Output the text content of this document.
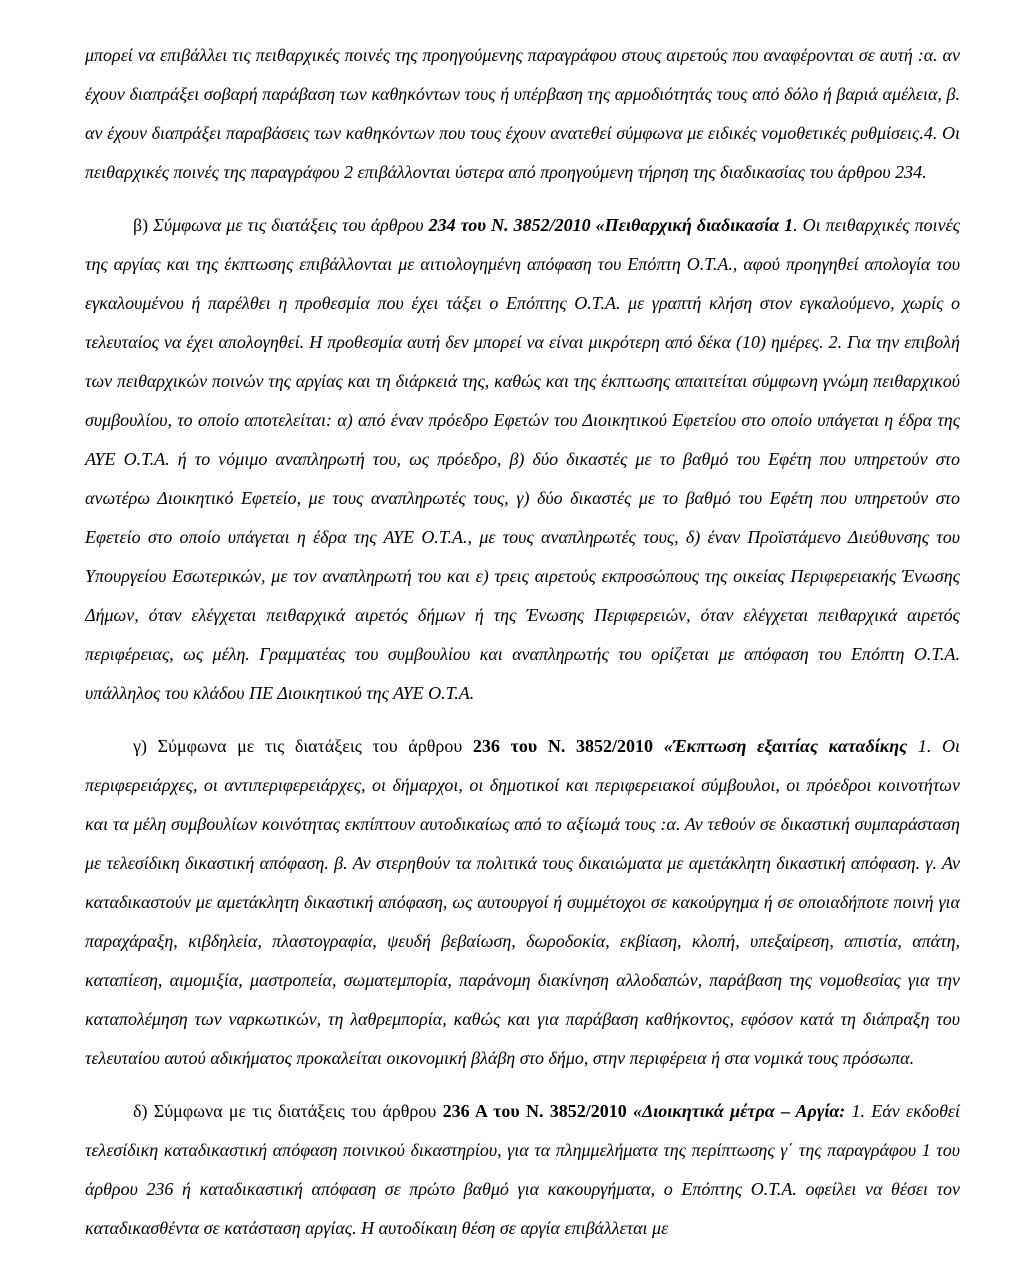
μπορεί να επιβάλλει τις πειθαρχικές ποινές της προηγούμενης παραγράφου στους αιρετούς που αναφέρονται σε αυτή :α. αν έχουν διαπράξει σοβαρή παράβαση των καθηκόντων τους ή υπέρβαση της αρμοδιότητάς τους από δόλο ή βαριά αμέλεια, β. αν έχουν διαπράξει παραβάσεις των καθηκόντων που τους έχουν ανατεθεί σύμφωνα με ειδικές νομοθετικές ρυθμίσεις.4. Οι πειθαρχικές ποινές της παραγράφου 2 επιβάλλονται ύστερα από προηγούμενη τήρηση της διαδικασίας του άρθρου 234.

β) Σύμφωνα με τις διατάξεις του άρθρου 234 του Ν. 3852/2010 «Πειθαρχική διαδικασία 1. Οι πειθαρχικές ποινές της αργίας και της έκπτωσης επιβάλλονται με αιτιολογημένη απόφαση του Επόπτη Ο.Τ.Α., αφού προηγηθεί απολογία του εγκαλουμένου ή παρέλθει η προθεσμία που έχει τάξει ο Επόπτης Ο.Τ.Α. με γραπτή κλήση στον εγκαλούμενο, χωρίς ο τελευταίος να έχει απολογηθεί. Η προθεσμία αυτή δεν μπορεί να είναι μικρότερη από δέκα (10) ημέρες. 2. Για την επιβολή των πειθαρχικών ποινών της αργίας και τη διάρκειά της, καθώς και της έκπτωσης απαιτείται σύμφωνη γνώμη πειθαρχικού συμβουλίου, το οποίο αποτελείται: α) από έναν πρόεδρο Εφετών του Διοικητικού Εφετείου στο οποίο υπάγεται η έδρα της ΑΥΕ Ο.Τ.Α. ή το νόμιμο αναπληρωτή του, ως πρόεδρο, β) δύο δικαστές με το βαθμό του Εφέτη που υπηρετούν στο ανωτέρω Διοικητικό Εφετείο, με τους αναπληρωτές τους, γ) δύο δικαστές με το βαθμό του Εφέτη που υπηρετούν στο Εφετείο στο οποίο υπάγεται η έδρα της ΑΥΕ Ο.Τ.Α., με τους αναπληρωτές τους, δ) έναν Προϊστάμενο Διεύθυνσης του Υπουργείου Εσωτερικών, με τον αναπληρωτή του και ε) τρεις αιρετούς εκπροσώπους της οικείας Περιφερειακής Ένωσης Δήμων, όταν ελέγχεται πειθαρχικά αιρετός δήμων ή της Ένωσης Περιφερειών, όταν ελέγχεται πειθαρχικά αιρετός περιφέρειας, ως μέλη. Γραμματέας του συμβουλίου και αναπληρωτής του ορίζεται με απόφαση του Επόπτη Ο.Τ.Α. υπάλληλος του κλάδου ΠΕ Διοικητικού της ΑΥΕ Ο.Τ.Α.

γ) Σύμφωνα με τις διατάξεις του άρθρου 236 του Ν. 3852/2010 «Έκπτωση εξαιτίας καταδίκης 1. Οι περιφερειάρχες, οι αντιπεριφερειάρχες, οι δήμαρχοι, οι δημοτικοί και περιφερειακοί σύμβουλοι, οι πρόεδροι κοινοτήτων και τα μέλη συμβουλίων κοινότητας εκπίπτουν αυτοδικαίως από το αξίωμά τους :α. Αν τεθούν σε δικαστική συμπαράσταση με τελεσίδικη δικαστική απόφαση. β. Αν στερηθούν τα πολιτικά τους δικαιώματα με αμετάκλητη δικαστική απόφαση. γ. Αν καταδικαστούν με αμετάκλητη δικαστική απόφαση, ως αυτουργοί ή συμμέτοχοι σε κακούργημα ή σε οποιαδήποτε ποινή για παραχάραξη, κιβδηλεία, πλαστογραφία, ψευδή βεβαίωση, δωροδοκία, εκβίαση, κλοπή, υπεξαίρεση, απιστία, απάτη, καταπίεση, αιμομιξία, μαστροπεία, σωματεμπορία, παράνομη διακίνηση αλλοδαπών, παράβαση της νομοθεσίας για την καταπολέμηση των ναρκωτικών, τη λαθρεμπορία, καθώς και για παράβαση καθήκοντος, εφόσον κατά τη διάπραξη του τελευταίου αυτού αδικήματος προκαλείται οικονομική βλάβη στο δήμο, στην περιφέρεια ή στα νομικά τους πρόσωπα.

δ) Σύμφωνα με τις διατάξεις του άρθρου 236 Α του Ν. 3852/2010 «Διοικητικά μέτρα – Αργία: 1. Εάν εκδοθεί τελεσίδικη καταδικαστική απόφαση ποινικού δικαστηρίου, για τα πλημμελήματα της περίπτωσης γ΄ της παραγράφου 1 του άρθρου 236 ή καταδικαστική απόφαση σε πρώτο βαθμό για κακουργήματα, ο Επόπτης Ο.Τ.Α. οφείλει να θέσει τον καταδικασθέντα σε κατάσταση αργίας. Η αυτοδίκαιη θέση σε αργία επιβάλλεται με
